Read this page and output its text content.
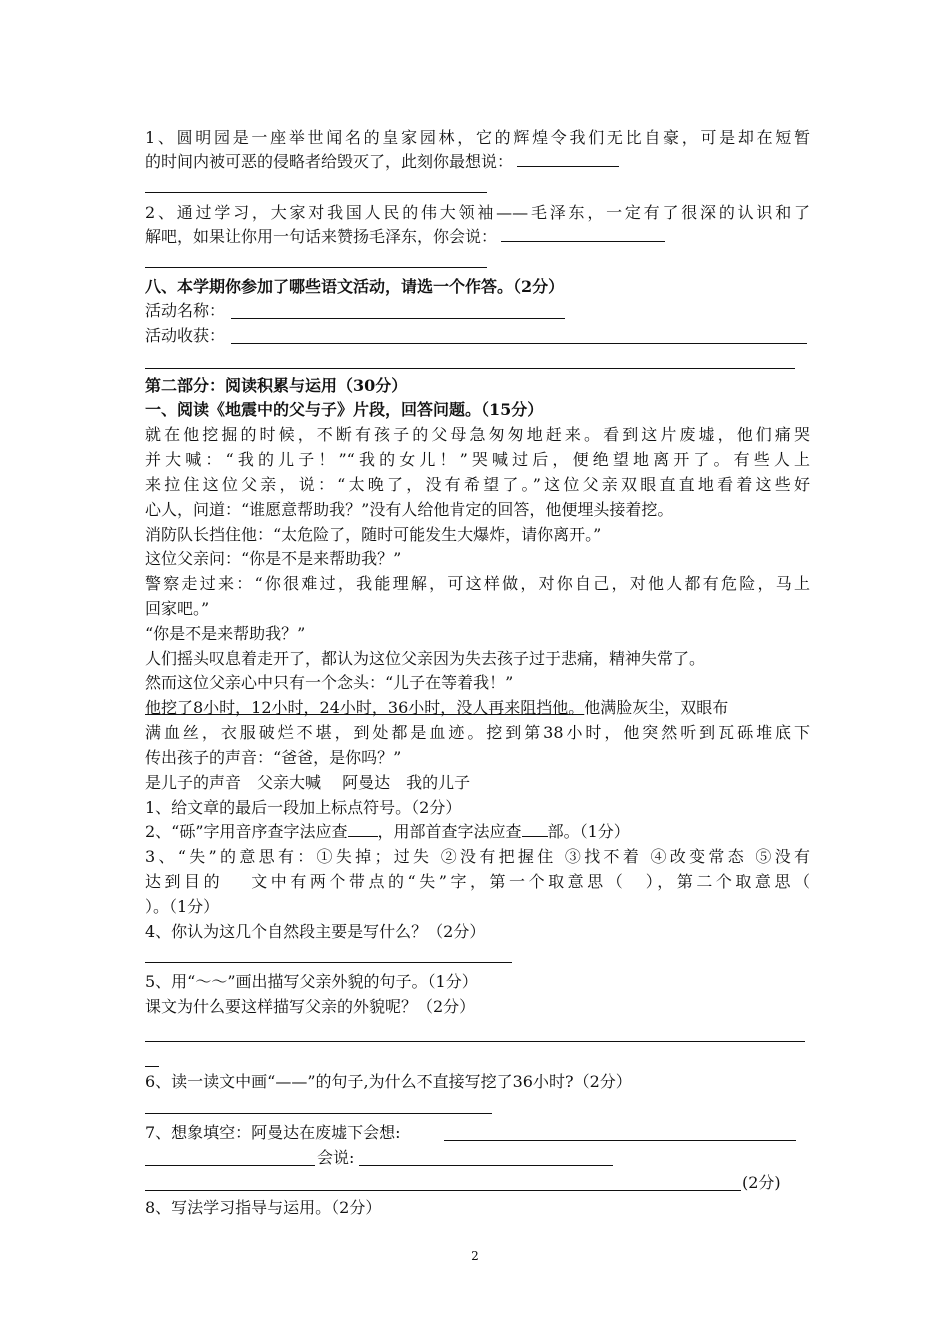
1、圆明园是一座举世闻名的皇家园林，它的辉煌令我们无比自豪，可是却在短暂
的时间内被可恶的侵略者给毁灭了，此刻你最想说：
2、通过学习，大家对我国人民的伟大领袖——毛泽东，一定有了很深的认识和了
解吧，如果让你用一句话来赞扬毛泽东，你会说：
八、本学期你参加了哪些语文活动，请选一个作答。（2分）
活动名称：
活动收获：
第二部分：阅读积累与运用（30分）
一、阅读《地震中的父与子》片段，回答问题。（15分）
就在他挖掘的时候，不断有孩子的父母急匆匆地赶来。看到这片废墟，他们痛哭
并大喊：“我的儿子！”“我的女儿！”哭喊过后，便绝望地离开了。有些人上
来拉住这位父亲，说：“太晚了，没有希望了。”这位父亲双眼直直地看着这些好
心人，问道：“谁愿意帮助我？”没有人给他肯定的回答，他便埋头接着挖。
消防队长挡住他：“太危险了，随时可能发生大爆炸，请你离开。”
这位父亲问：“你是不是来帮助我？”
警察走过来：“你很难过，我能理解，可这样做，对你自己，对他人都有危险，马上
回家吧。”
“你是不是来帮助我？”
人们摇头叹息着走开了，都认为这位父亲因为失去孩子过于悲痛，精神失常了。
然而这位父亲心中只有一个念头：“儿子在等着我！”
他挖了8小时，12小时，24小时，36小时，没人再来阻挡他。他满脸灰尘，双眼布
满血丝，衣服破烂不堪，到处都是血迹。挖到第38小时，他突然听到瓦砾堆底下
传出孩子的声音：“爸爸，是你吗？”
是儿子的声音　父亲大喊　 阿曼达　我的儿子
1、给文章的最后一段加上标点符号。（2分）
2、“砾”字用音序查字法应查 ，用部首查字法应查 部。（1分）
3、“失”的意思有：①失掉；过失 ②没有把握住 ③找不着 ④改变常态 ⑤没有
达到目的　 文中有两个带点的“失”字，第一个取意思（　），第二个取意思（
）。（1分）
4、你认为这几个自然段主要是写什么？（2分）
5、用“～～”画出描写父亲外貌的句子。（1分）
课文为什么要这样描写父亲的外貌呢？（2分）
6、读一读文中画“——”的句子,为什么不直接写挖了36小时?（2分）
7、想象填空：阿曼达在废墟下会想:
会说:
(2分)
8、写法学习指导与运用。（2分）
2
